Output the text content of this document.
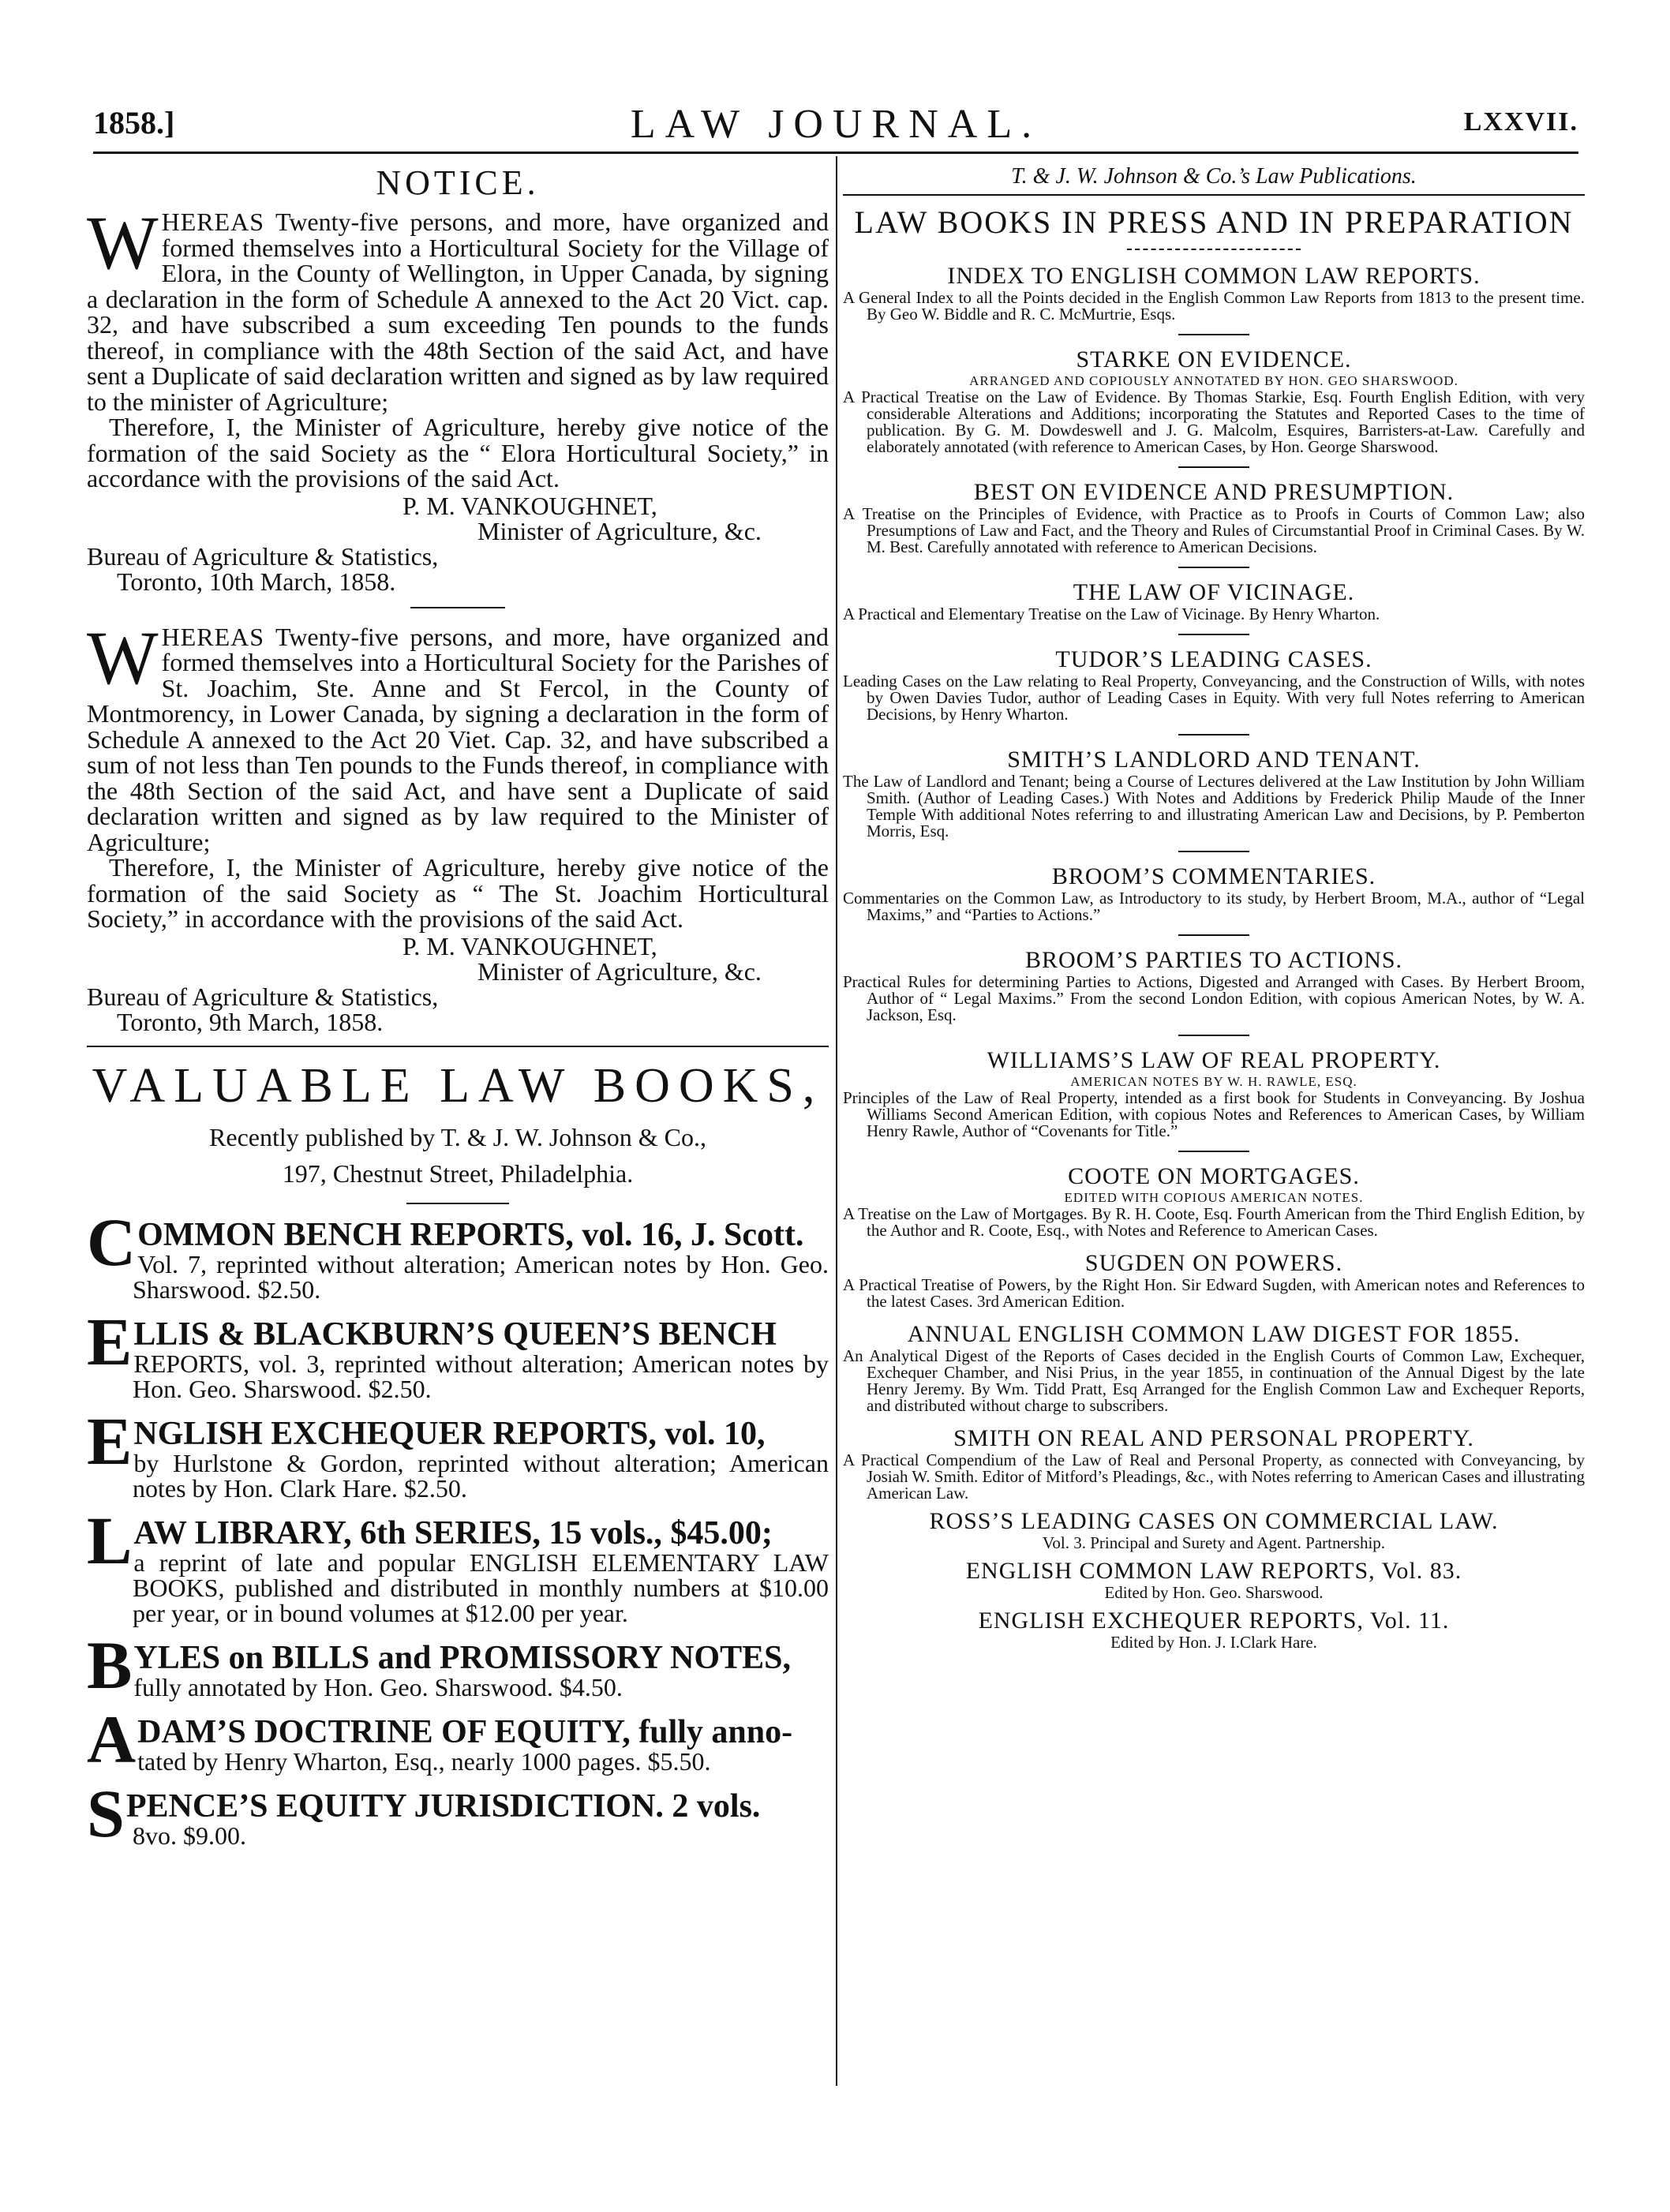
1858.]	LAW JOURNAL.	LXXVII.
NOTICE.
WHEREAS Twenty-five persons, and more, have organized and formed themselves into a Horticultural Society for the Village of Elora, in the County of Wellington, in Upper Canada, by signing a declaration in the form of Schedule A annexed to the Act 20 Vict. cap. 32, and have subscribed a sum exceeding Ten pounds to the funds thereof, in compliance with the 48th Section of the said Act, and have sent a Duplicate of said declaration written and signed as by law required to the minister of Agriculture;
Therefore, I, the Minister of Agriculture, hereby give notice of the formation of the said Society as the “ Elora Horticultural Society,” in accordance with the provisions of the said Act.
P. M. VANKOUGHNET,
Minister of Agriculture, &c.
Bureau of Agriculture & Statistics,
Toronto, 10th March, 1858.
WHEREAS Twenty-five persons, and more, have organized and formed themselves into a Horticultural Society for the Parishes of St. Joachim, Ste. Anne and St Fercol, in the County of Montmorency, in Lower Canada, by signing a declaration in the form of Schedule A annexed to the Act 20 Viet. Cap. 32, and have subscribed a sum of not less than Ten pounds to the Funds thereof, in compliance with the 48th Section of the said Act, and have sent a Duplicate of said declaration written and signed as by law required to the Minister of Agriculture;
Therefore, I, the Minister of Agriculture, hereby give notice of the formation of the said Society as “ The St. Joachim Horticultural Society,” in accordance with the provisions of the said Act.
P. M. VANKOUGHNET,
Minister of Agriculture, &c.
Bureau of Agriculture & Statistics,
Toronto, 9th March, 1858.
VALUABLE LAW BOOKS,
Recently published by T. & J. W. Johnson & Co.,
197, Chestnut Street, Philadelphia.
COMMON BENCH REPORTS, vol. 16, J. Scott.
Vol. 7, reprinted without alteration; American notes by Hon. Geo. Sharswood. $2.50.
ELLIS & BLACKBURN’S QUEEN’S BENCH
REPORTS, vol. 3, reprinted without alteration; American notes by Hon. Geo. Sharswood. $2.50.
ENGLISH EXCHEQUER REPORTS, vol. 10,
by Hurlstone & Gordon, reprinted without alteration; American notes by Hon. Clark Hare. $2.50.
LAW LIBRARY, 6th SERIES, 15 vols., $45.00;
a reprint of late and popular ENGLISH ELEMENTARY LAW BOOKS, published and distributed in monthly numbers at $10.00 per year, or in bound volumes at $12.00 per year.
BYLES on BILLS and PROMISSORY NOTES,
fully annotated by Hon. Geo. Sharswood. $4.50.
ADAM’S DOCTRINE OF EQUITY, fully anno-
tated by Henry Wharton, Esq., nearly 1000 pages. $5.50.
SPENCE’S EQUITY JURISDICTION. 2 vols.
8vo. $9.00.
T. & J. W. Johnson & Co.’s Law Publications.
LAW BOOKS IN PRESS AND IN PREPARATION
INDEX TO ENGLISH COMMON LAW REPORTS.
A General Index to all the Points decided in the English Common Law Reports from 1813 to the present time. By Geo W. Biddle and R. C. McMurtrie, Esqs.
STARKE ON EVIDENCE.
ARRANGED AND COPIOUSLY ANNOTATED BY HON. GEO SHARSWOOD.
A Practical Treatise on the Law of Evidence. By Thomas Starkie, Esq. Fourth English Edition, with very considerable Alterations and Additions; incorporating the Statutes and Reported Cases to the time of publication. By G. M. Dowdeswell and J. G. Malcolm, Esquires, Barristers-at-Law. Carefully and elaborately annotated (with reference to American Cases, by Hon. George Sharswood.
BEST ON EVIDENCE AND PRESUMPTION.
A Treatise on the Principles of Evidence, with Practice as to Proofs in Courts of Common Law; also Presumptions of Law and Fact, and the Theory and Rules of Circumstantial Proof in Criminal Cases. By W. M. Best. Carefully annotated with reference to American Decisions.
THE LAW OF VICINAGE.
A Practical and Elementary Treatise on the Law of Vicinage. By Henry Wharton.
TUDOR’S LEADING CASES.
Leading Cases on the Law relating to Real Property, Conveyancing, and the Construction of Wills, with notes by Owen Davies Tudor, author of Leading Cases in Equity. With very full Notes referring to American Decisions, by Henry Wharton.
SMITH’S LANDLORD AND TENANT.
The Law of Landlord and Tenant; being a Course of Lectures delivered at the Law Institution by John William Smith. (Author of Leading Cases.) With Notes and Additions by Frederick Philip Maude of the Inner Temple With additional Notes referring to and illustrating American Law and Decisions, by P. Pemberton Morris, Esq.
BROOM’S COMMENTARIES.
Commentaries on the Common Law, as Introductory to its study, by Herbert Broom, M.A., author of “Legal Maxims,” and “Parties to Actions.”
BROOM’S PARTIES TO ACTIONS.
Practical Rules for determining Parties to Actions, Digested and Arranged with Cases. By Herbert Broom, Author of “ Legal Maxims.” From the second London Edition, with copious American Notes, by W. A. Jackson, Esq.
WILLIAMS’S LAW OF REAL PROPERTY.
AMERICAN NOTES BY W. H. RAWLE, ESQ.
Principles of the Law of Real Property, intended as a first book for Students in Conveyancing. By Joshua Williams Second American Edition, with copious Notes and References to American Cases, by William Henry Rawle, Author of “Covenants for Title.”
COOTE ON MORTGAGES.
EDITED WITH COPIOUS AMERICAN NOTES.
A Treatise on the Law of Mortgages. By R. H. Coote, Esq. Fourth American from the Third English Edition, by the Author and R. Coote, Esq., with Notes and Reference to American Cases.
SUGDEN ON POWERS.
A Practical Treatise of Powers, by the Right Hon. Sir Edward Sugden, with American notes and References to the latest Cases. 3rd American Edition.
ANNUAL ENGLISH COMMON LAW DIGEST FOR 1855.
An Analytical Digest of the Reports of Cases decided in the English Courts of Common Law, Exchequer, Exchequer Chamber, and Nisi Prius, in the year 1855, in continuation of the Annual Digest by the late Henry Jeremy. By Wm. Tidd Pratt, Esq Arranged for the English Common Law and Exchequer Reports, and distributed without charge to subscribers.
SMITH ON REAL AND PERSONAL PROPERTY.
A Practical Compendium of the Law of Real and Personal Property, as connected with Conveyancing, by Josiah W. Smith. Editor of Mitford’s Pleadings, &c., with Notes referring to American Cases and illustrating American Law.
ROSS’S LEADING CASES ON COMMERCIAL LAW.
Vol. 3. Principal and Surety and Agent. Partnership.
ENGLISH COMMON LAW REPORTS, Vol. 83.
Edited by Hon. Geo. Sharswood.
ENGLISH EXCHEQUER REPORTS, Vol. 11.
Edited by Hon. J. I.Clark Hare.
